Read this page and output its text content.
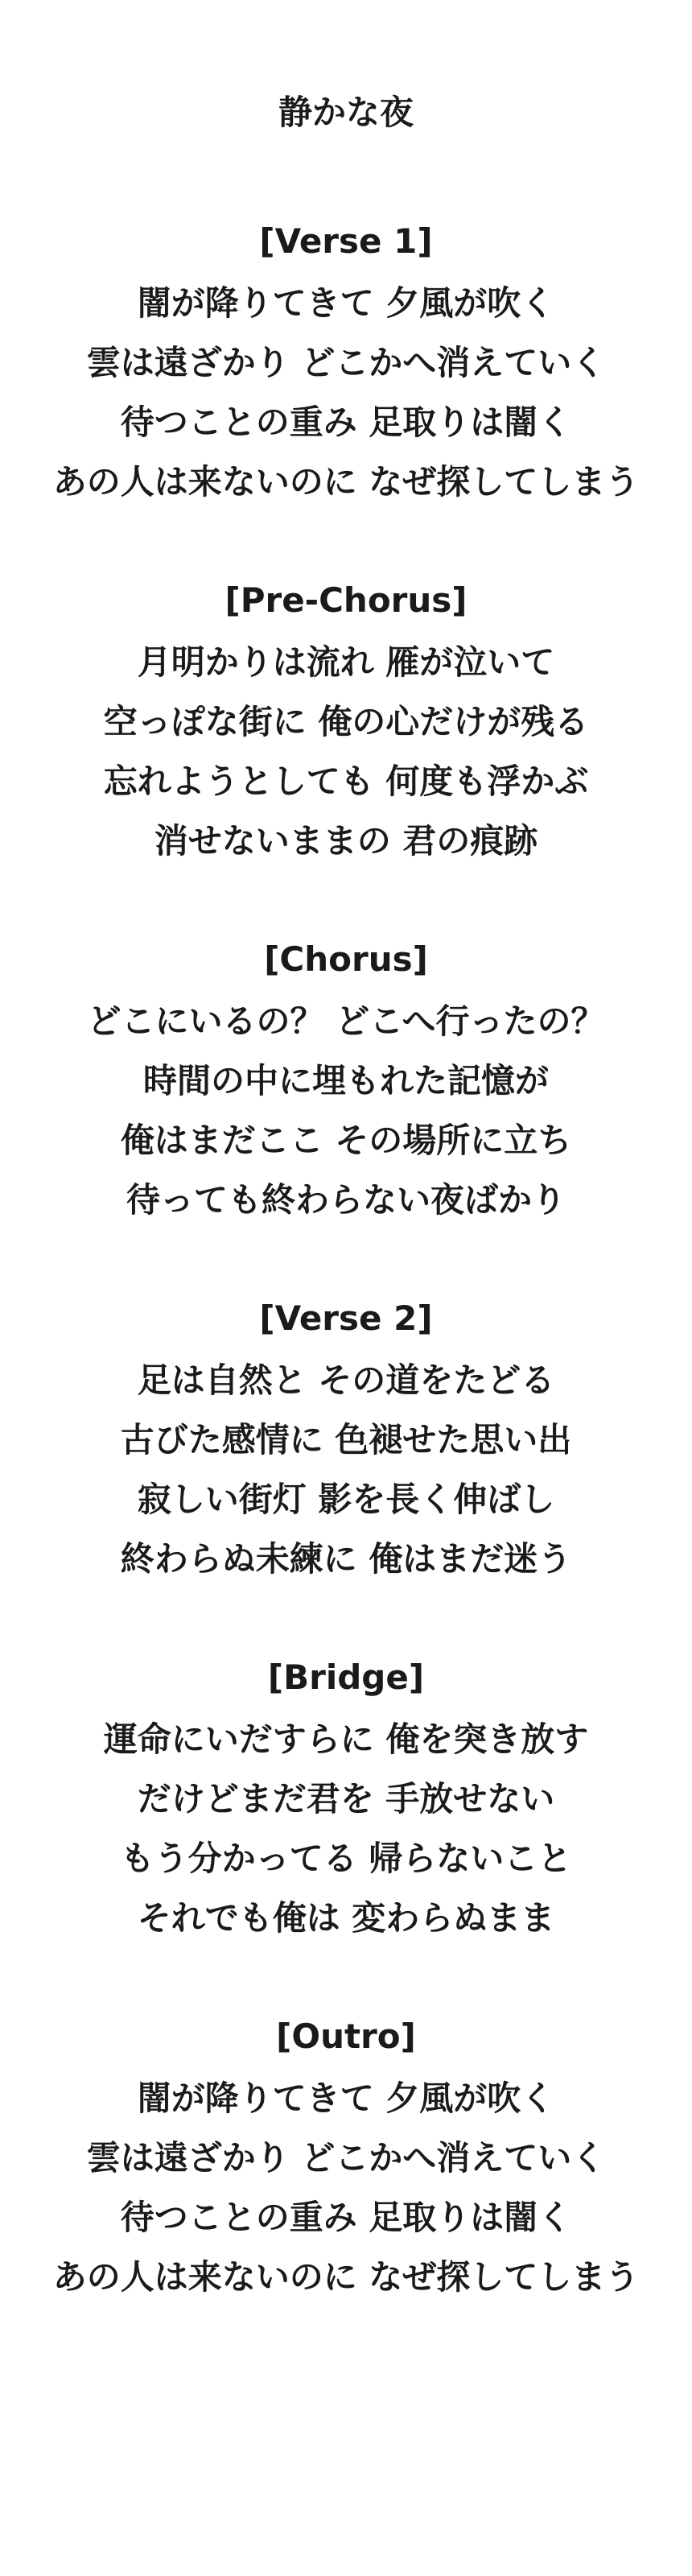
静かな夜
[Verse 1]
闇が降りてきて 夕風が吹く
雲は遠ざかり どこかへ消えていく
待つことの重み 足取りは闇く
あの人は来ないのに なぜ探してしまう
[Pre-Chorus]
月明かりは流れ 雁が泣いて
空っぽな街に 俺の心だけが残る
忘れようとしても 何度も浮かぶ
消せないままの 君の痕跡
[Chorus]
どこにいるの？ どこへ行ったの？
時間の中に埋もれた記憶が
俺はまだここ その場所に立ち
待っても終わらない夜ばかり
[Verse 2]
足は自然と その道をたどる
古びた感情に 色褪せた思い出
寂しい街灯 影を長く伸ばし
終わらぬ未練に 俺はまだ迷う
[Bridge]
運命にいだすらに 俺を突き放す
だけどまだ君を 手放せない
もう分かってる 帰らないこと
それでも俺は 変わらぬまま
[Outro]
闇が降りてきて 夕風が吹く
雲は遠ざかり どこかへ消えていく
待つことの重み 足取りは闇く
あの人は来ないのに なぜ探してしまう
